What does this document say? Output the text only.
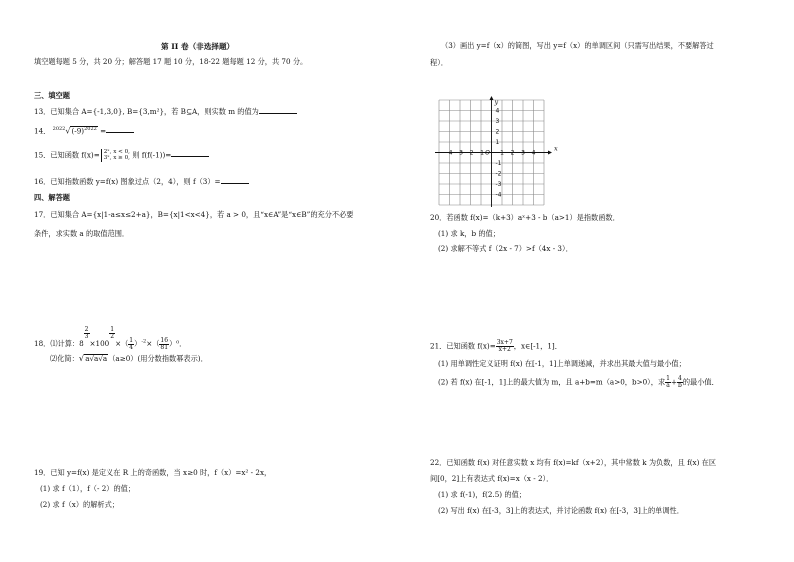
第 II 卷（非选择题）
填空题每题 5 分，共 20 分；解答题 17 题 10 分，18-22 题每题 12 分，共 70 分。
三、填空题
13．已知集合 A={-1,3,0}, B={3,m²}，若 B⊆A，则实数 m 的值为
14． $^{2022}√(-9)^{2022}$ =
15．已知函数 f(x)= 2ˣ, x < 0,
3ˣ, x ≥ 0, 则 f(f(-1))=
16．已知指数函数 y=f(x) 图象过点（2，4），则 f（3）=
四、解答题
17．已知集合 A={x|1-a≤x≤2+a}，B={x|1<x<4}，若 a > 0，且“x∈A”是“x∈B”的充分不必要
条件，求实数 a 的取值范围．
18．⑴计算：8
$\frac{2}{3}$
×100
$\frac{1}{2}$
×（ $\frac{1}{4} )^{-2}\times( \frac{16}{81} )^0$．
⑵化简：√a√a√a（a≥0）(用分数指数幂表示)．
19．已知 y=f(x) 是定义在 R 上的奇函数，当 x≥0 时，f（x）=x² - 2x，
(1) 求 f（1），f（- 2）的值；
(2) 求 f（x）的解析式；
（3）画出 y=f（x）的简图，写出 y=f（x）的单调区间（只需写出结果，不要解答过
程）．
-4 -3 -2 -1 O 1 2 3 4
4
3
2
1
-1
-2
-3
-4
x
y
20．若函数 f(x)=（k+3）aˣ+3 - b（a>1）是指数函数．
(1) 求 k，b 的值；
(2) 求解不等式 f（2x - 7）>f（4x - 3）．
21．已知函数 $f(x)= \frac{3x+7}{x+2}$ ，x∈[-1，1]．
(1) 用单调性定义证明 f(x) 在[-1，1]上单调递减，并求出其最大值与最小值；
(2) 若 f(x) 在[-1，1]上的最大值为 m，且 a+b=m（a>0，b>0），求 $\frac{1}{a} + \frac{4}{b}$ 的最小值．
22．已知函数 f(x) 对任意实数 x 均有 f(x)=kf（x+2），其中常数 k 为负数，且 f(x) 在区
间[0，2]上有表达式 f(x)=x（x - 2）．
(1) 求 f(-1)，f(2.5) 的值；
(2) 写出 f(x) 在[-3，3]上的表达式，并讨论函数 f(x) 在[-3，3]上的单调性．
